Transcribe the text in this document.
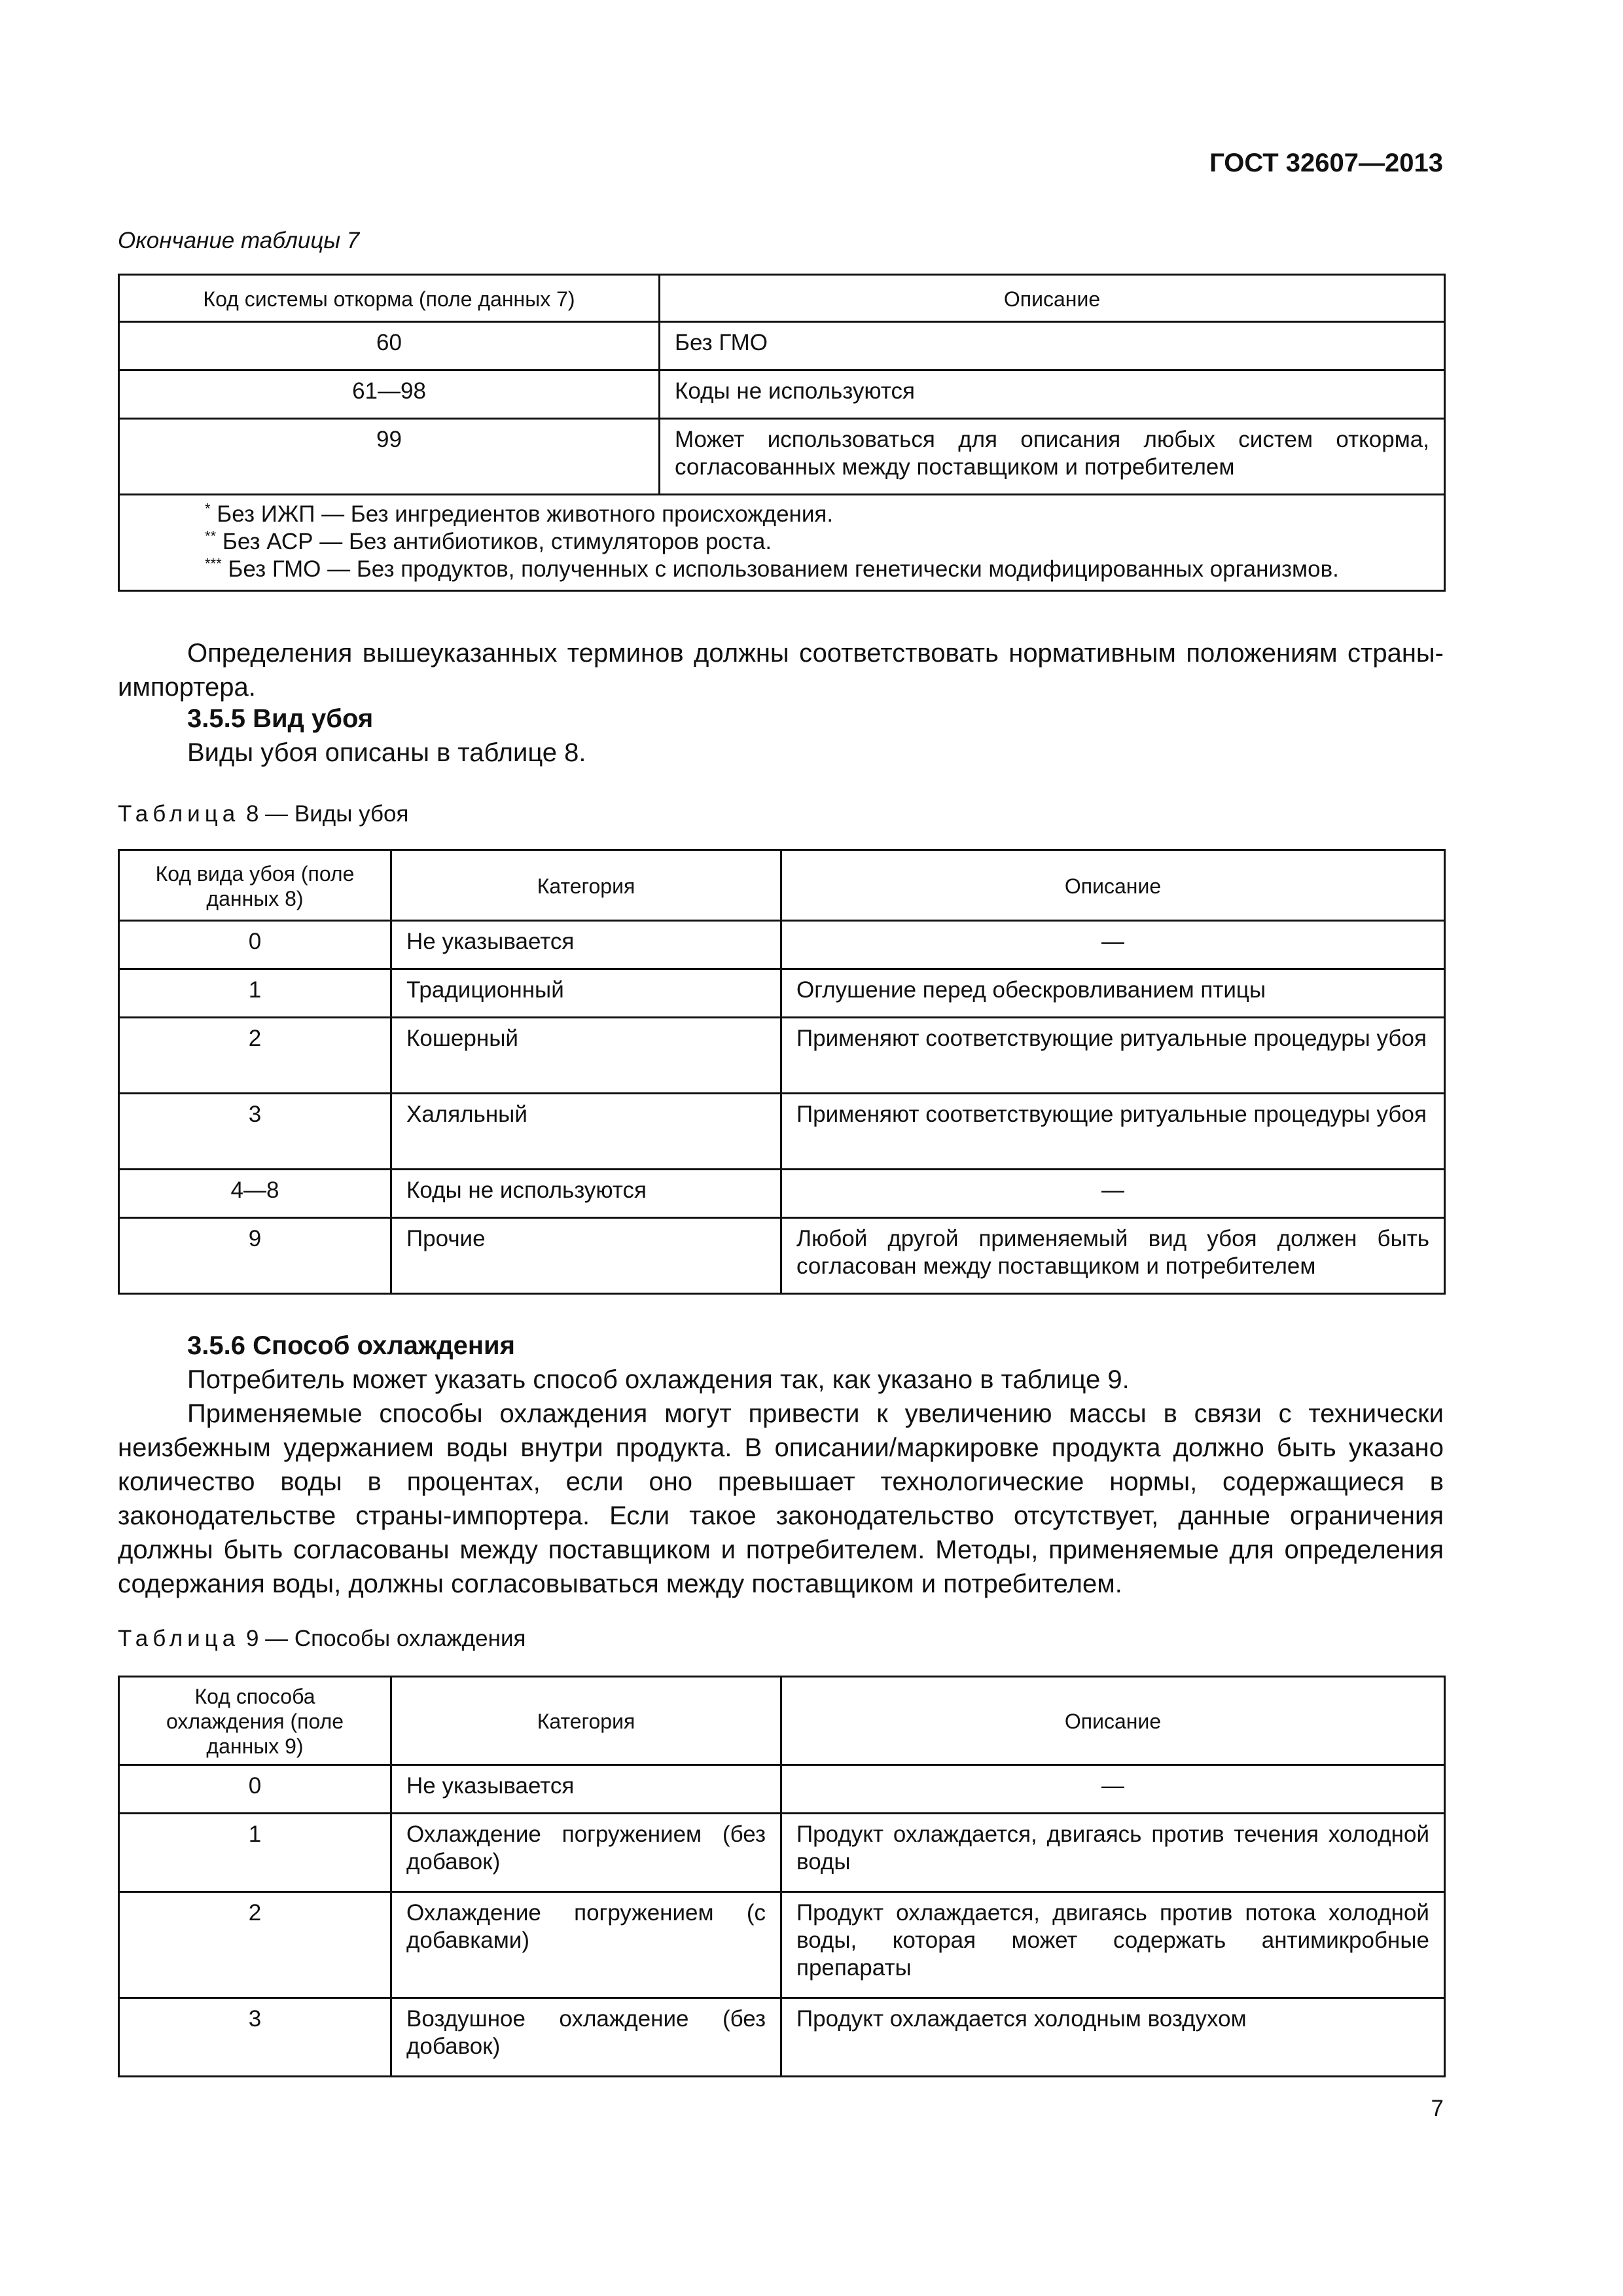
ГОСТ 32607—2013
Окончание таблицы 7
Код системы откорма (поле данных 7)	Описание
60	Без ГМО
61—98	Коды не используются
99	Может использоваться для описания любых систем откорма, согласованных между поставщиком и потребителем

* Без ИЖП — Без ингредиентов животного происхождения.
** Без АСР — Без антибиотиков, стимуляторов роста.
*** Без ГМО — Без продуктов, полученных с использованием генетически модифицированных организмов.	
Определения вышеуказанных терминов должны соответствовать нормативным положениям страны-импортера.
3.5.5 Вид убоя
Виды убоя описаны в таблице 8.
Таблица 8 — Виды убоя
Код вида убоя (поле данных 8)	Категория	Описание
0	Не указывается	—
1	Традиционный	Оглушение перед обескровливанием птицы
2	Кошерный	Применяют соответствующие ритуальные процедуры убоя
3	Халяльный	Применяют соответствующие ритуальные процедуры убоя
4—8	Коды не используются	—
9	Прочие	Любой другой применяемый вид убоя должен быть согласован между поставщиком и потребителем
3.5.6 Способ охлаждения
Потребитель может указать способ охлаждения так, как указано в таблице 9.
Применяемые способы охлаждения могут привести к увеличению массы в связи с технически неизбежным удержанием воды внутри продукта. В описании/маркировке продукта должно быть указано количество воды в процентах, если оно превышает технологические нормы, содержащиеся в законодательстве страны-импортера. Если такое законодательство отсутствует, данные ограничения должны быть согласованы между поставщиком и потребителем. Методы, применяемые для определения содержания воды, должны согласовываться между поставщиком и потребителем.
Таблица 9 — Способы охлаждения
Код способа охлаждения (поле данных 9)	Категория	Описание
0	Не указывается	—
1	Охлаждение погружением (без добавок)	Продукт охлаждается, двигаясь против течения холодной воды
2	Охлаждение погружением (с добавками)	Продукт охлаждается, двигаясь против потока холодной воды, которая может содержать антимикробные препараты
3	Воздушное охлаждение (без добавок)	Продукт охлаждается холодным воздухом
7
